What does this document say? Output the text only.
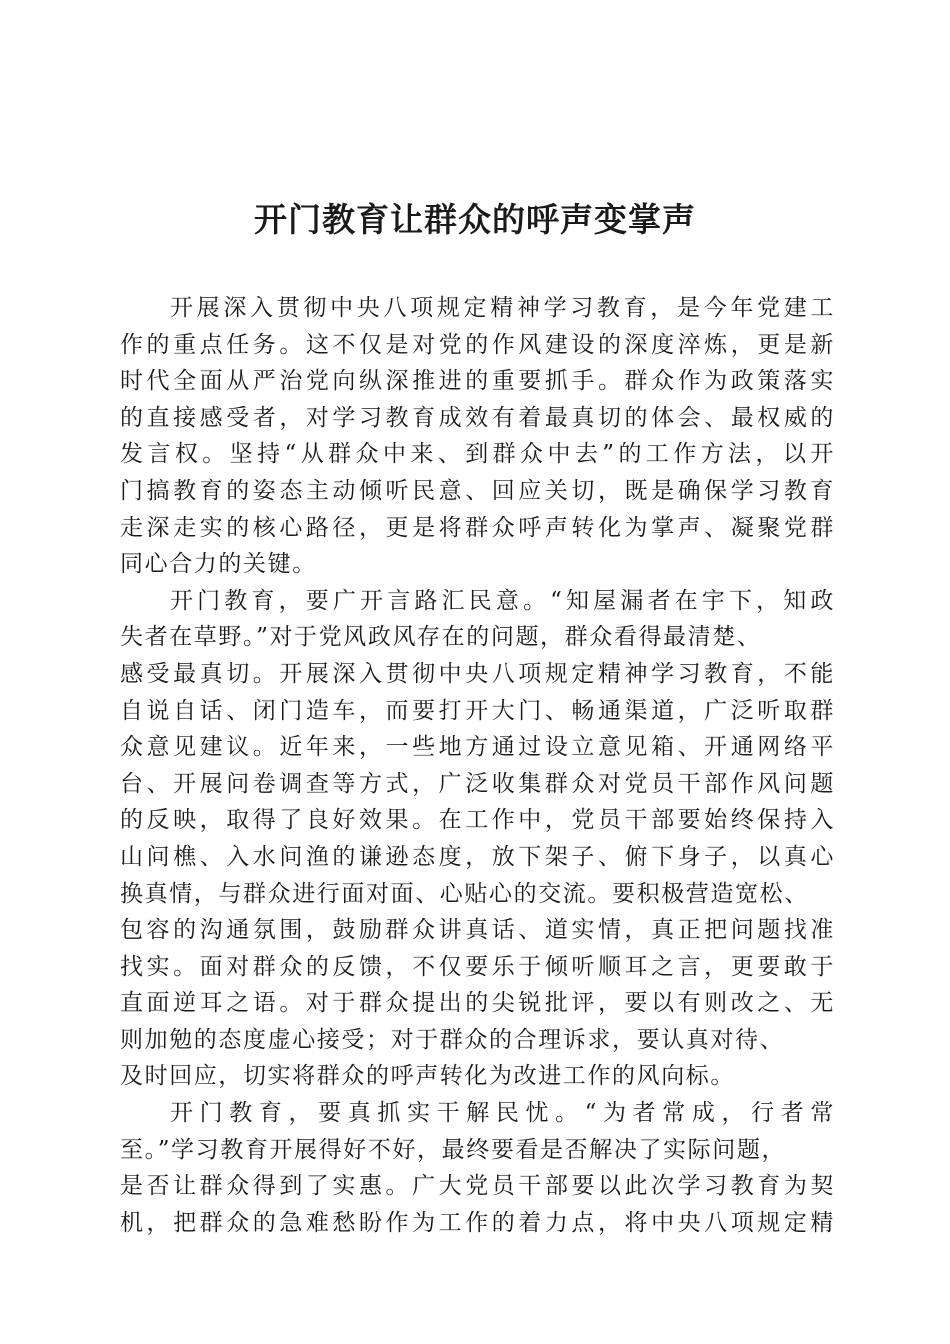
开门教育让群众的呼声变掌声
开展深入贯彻中央八项规定精神学习教育，是今年党建工
作的重点任务。这不仅是对党的作风建设的深度淬炼，更是新
时代全面从严治党向纵深推进的重要抓手。群众作为政策落实
的直接感受者，对学习教育成效有着最真切的体会、最权威的
发言权。坚持“从群众中来、到群众中去”的工作方法，以开
门搞教育的姿态主动倾听民意、回应关切，既是确保学习教育
走深走实的核心路径，更是将群众呼声转化为掌声、凝聚党群
同心合力的关键。
开门教育，要广开言路汇民意。“知屋漏者在宇下，知政
失者在草野。”对于党风政风存在的问题，群众看得最清楚、
感受最真切。开展深入贯彻中央八项规定精神学习教育，不能
自说自话、闭门造车，而要打开大门、畅通渠道，广泛听取群
众意见建议。近年来，一些地方通过设立意见箱、开通网络平
台、开展问卷调查等方式，广泛收集群众对党员干部作风问题
的反映，取得了良好效果。在工作中，党员干部要始终保持入
山问樵、入水问渔的谦逊态度，放下架子、俯下身子，以真心
换真情，与群众进行面对面、心贴心的交流。要积极营造宽松、
包容的沟通氛围，鼓励群众讲真话、道实情，真正把问题找准
找实。面对群众的反馈，不仅要乐于倾听顺耳之言，更要敢于
直面逆耳之语。对于群众提出的尖锐批评，要以有则改之、无
则加勉的态度虚心接受；对于群众的合理诉求，要认真对待、
及时回应，切实将群众的呼声转化为改进工作的风向标。
开门教育，要真抓实干解民忧。“为者常成，行者常
至。”学习教育开展得好不好，最终要看是否解决了实际问题，
是否让群众得到了实惠。广大党员干部要以此次学习教育为契
机，把群众的急难愁盼作为工作的着力点，将中央八项规定精
